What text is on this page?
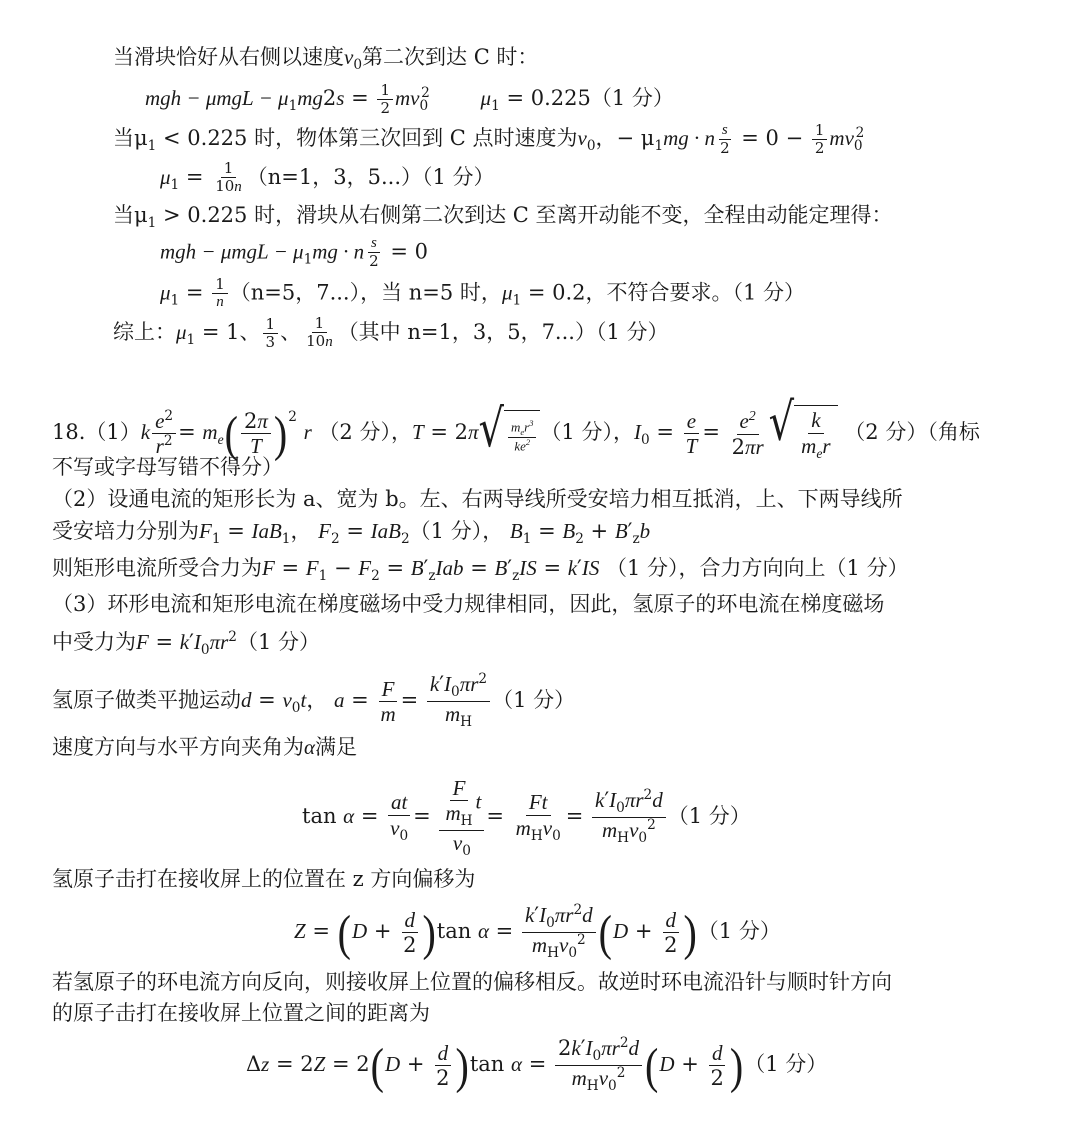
当滑块恰好从右侧以速度$v_0$第二次到达 C 时：
mgh − $\mu mgL - \mu_1mg2s = \frac{1}{2} mv_0^2$ $\mu_1 = 0.225(1$ 分）
当$\mu_1 < 0.225$ 时，物体第三次回到 C 点时速度为$v_0$，− $\mu_1mg \cdot n \frac{s}{2} = 0 - \frac{1}{2} mv_0^2$
$\mu_1 = \frac{1}{10n} (n=1$，3，5...）（1 分）
当$\mu_1 > 0.225$ 时，滑块从右侧第二次到达 C 至离开动能不变，全程由动能定理得：
mgh − $\mu mgL - \mu_1mg \cdot n \frac{s}{2} = 0$
$\mu_1 = \frac{1}{n} (n=5$，7...），当 n=5 时，$\mu_1 = 0.2$，不符合要求。（1 分）
综上：$\mu_1 = 1$、 $\frac{1}{3}$ 、 $\frac{1}{10n}$ （其中 n=1，3，5，7...）（1 分）
$18.(1)k \frac{e^2}{r^2} = m_e( \frac{2\pi}{T} )^2$ r （2 分），T = 2π √ $m_er^3$
$ke^2$ （1 分），$I_0 = \frac{e}{T} = \frac{e^2}{2\pi r}$ √ k
$m_er$
（2 分）（角标
不写或字母写错不得分）
（2）设通电流的矩形长为 a、宽为 b。左、右两导线所受安培力相互抵消，上、下两导线所
受安培力分别为$F_1 = IaB_1$， $F_2 = IaB_2(1$ 分）， $B_1 = B_2 + B'_zb$
则矩形电流所受合力为$F = F_1 - F_2 = B'_zIab = B'_zIS = k'IS$ （1 分），合力方向向上（1 分）
（3）环形电流和矩形电流在梯度磁场中受力规律相同，因此，氢原子的环电流在梯度磁场
中受力为$F = k'I_0\pi r^2(1$ 分）
氢原子做类平抛运动$d = v_0t$， $a = \frac{F}{m} = \frac{k'I_0\pi r^2}{m_H} (1$ 分）
速度方向与水平方向夹角为α满足
$\tan \alpha = \frac{at}{v_0} = \frac{F}{m_H}$ t
$v_0$
=
Ft
$m_Hv_0$
=
$k'I_0\pi r^2d$
$m_Hv_0^2$ （1 分）
氢原子击打在接收屏上的位置在 z 方向偏移为
$Z = (D + \frac{d}{2} )\tan$ α =
$k'I_0\pi r^2d$
$m_Hv_0^2$ $(D + \frac{d}{2} )(1$ 分）
若氢原子的环电流方向反向，则接收屏上位置的偏移相反。故逆时环电流沿针与顺时针方向
的原子击打在接收屏上位置之间的距离为
$\Delta z = 2Z = 2(D + \frac{d}{2} )\tan$ α =
$2k'I_0\pi r^2d$
$m_Hv_0^2$ $(D + \frac{d}{2} )(1$ 分）
